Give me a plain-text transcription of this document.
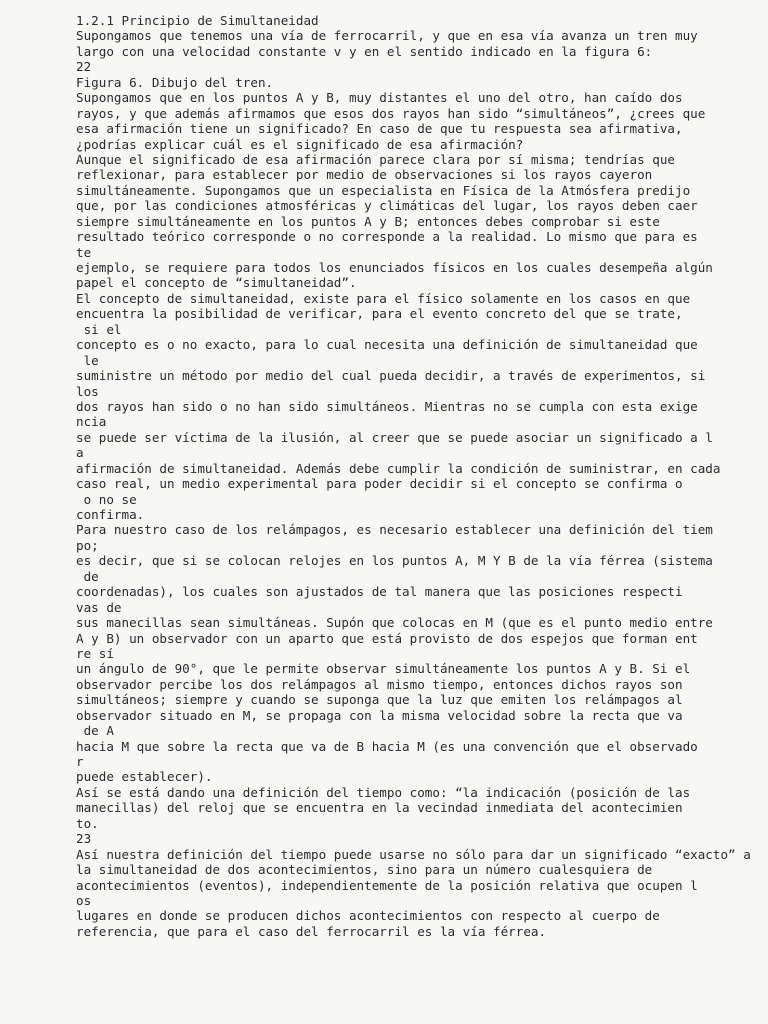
1.2.1 Principio de Simultaneidad
Supongamos que tenemos una vía de ferrocarril, y que en esa vía avanza un tren muy
largo con una velocidad constante v y en el sentido indicado en la figura 6:
22
Figura 6. Dibujo del tren.
Supongamos que en los puntos A y B, muy distantes el uno del otro, han caído dos
rayos, y que además afirmamos que esos dos rayos han sido “simultáneos”, ¿crees que
esa afirmación tiene un significado? En caso de que tu respuesta sea afirmativa,
¿podrías explicar cuál es el significado de esa afirmación?
Aunque el significado de esa afirmación parece clara por sí misma; tendrías que
reflexionar, para establecer por medio de observaciones si los rayos cayeron
simultáneamente. Supongamos que un especialista en Física de la Atmósfera predijo
que, por las condiciones atmosféricas y climáticas del lugar, los rayos deben caer
siempre simultáneamente en los puntos A y B; entonces debes comprobar si este
resultado teórico corresponde o no corresponde a la realidad. Lo mismo que para es
te
ejemplo, se requiere para todos los enunciados físicos en los cuales desempeña algún
papel el concepto de “simultaneidad”.
El concepto de simultaneidad, existe para el físico solamente en los casos en que
encuentra la posibilidad de verificar, para el evento concreto del que se trate,
si el
concepto es o no exacto, para lo cual necesita una definición de simultaneidad que
le
suministre un método por medio del cual pueda decidir, a través de experimentos, si
los
dos rayos han sido o no han sido simultáneos. Mientras no se cumpla con esta exige
ncia
se puede ser víctima de la ilusión, al creer que se puede asociar un significado a l
a
afirmación de simultaneidad. Además debe cumplir la condición de suministrar, en cada
caso real, un medio experimental para poder decidir si el concepto se confirma o
o no se
confirma.
Para nuestro caso de los relámpagos, es necesario establecer una definición del tiem
po;
es decir, que si se colocan relojes en los puntos A, M Y B de la vía férrea (sistema
de
coordenadas), los cuales son ajustados de tal manera que las posiciones respecti
vas de
sus manecillas sean simultáneas. Supón que colocas en M (que es el punto medio entre
A y B) un observador con un aparto que está provisto de dos espejos que forman ent
re sí
un ángulo de 90°, que le permite observar simultáneamente los puntos A y B. Si el
observador percibe los dos relámpagos al mismo tiempo, entonces dichos rayos son
simultáneos; siempre y cuando se suponga que la luz que emiten los relámpagos al
observador situado en M, se propaga con la misma velocidad sobre la recta que va
de A
hacia M que sobre la recta que va de B hacia M (es una convención que el observado
r
puede establecer).
Así se está dando una definición del tiempo como: “la indicación (posición de las
manecillas) del reloj que se encuentra en la vecindad inmediata del acontecimien
to.
23
Así nuestra definición del tiempo puede usarse no sólo para dar un significado “exacto” a
la simultaneidad de dos acontecimientos, sino para un número cualesquiera de
acontecimientos (eventos), independientemente de la posición relativa que ocupen l
os
lugares en donde se producen dichos acontecimientos con respecto al cuerpo de
referencia, que para el caso del ferrocarril es la vía férrea.
